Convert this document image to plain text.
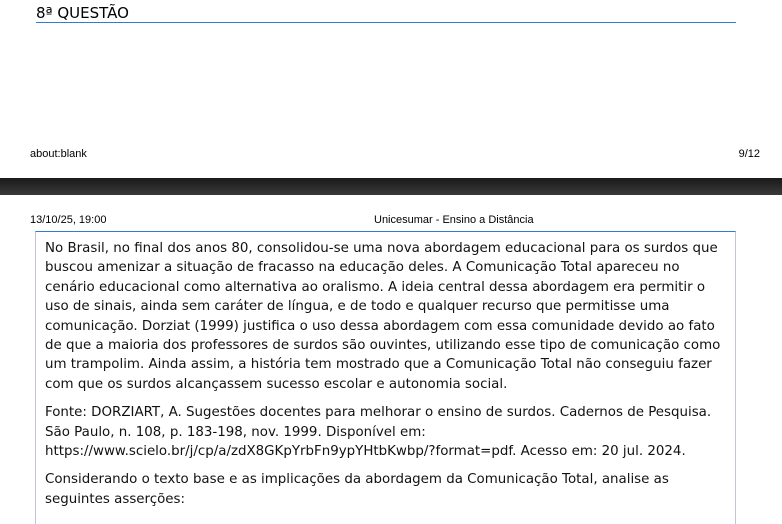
8ª QUESTÃO
about:blank	9/12
13/10/25, 19:00	Unicesumar - Ensino a Distância

No Brasil, no final dos anos 80, consolidou-se uma nova abordagem educacional para os surdos que buscou amenizar a situação de fracasso na educação deles. A Comunicação Total apareceu no cenário educacional como alternativa ao oralismo. A ideia central dessa abordagem era permitir o uso de sinais, ainda sem caráter de língua, e de todo e qualquer recurso que permitisse uma comunicação. Dorziat (1999) justifica o uso dessa abordagem com essa comunidade devido ao fato de que a maioria dos professores de surdos são ouvintes, utilizando esse tipo de comunicação como um trampolim. Ainda assim, a história tem mostrado que a Comunicação Total não conseguiu fazer com que os surdos alcançassem sucesso escolar e autonomia social.

Fonte: DORZIART, A. Sugestões docentes para melhorar o ensino de surdos. Cadernos de Pesquisa. São Paulo, n. 108, p. 183-198, nov. 1999. Disponível em:
https://www.scielo.br/j/cp/a/zdX8GKpYrbFn9ypYHtbKwbp/?format=pdf. Acesso em: 20 jul. 2024.

Considerando o texto base e as implicações da abordagem da Comunicação Total, analise as seguintes asserções:
